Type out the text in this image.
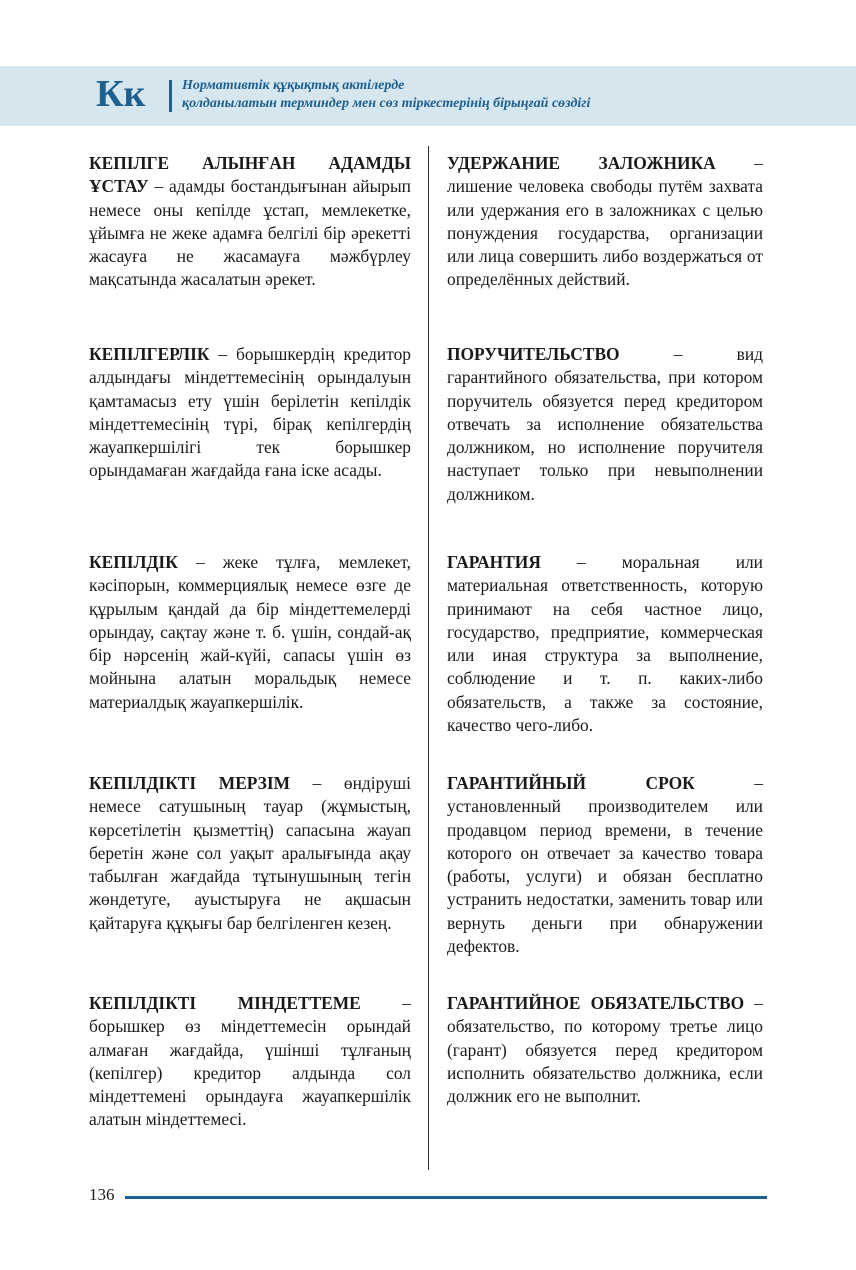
Кк	Нормативтік құқықтық актілерде
қолданылатын терминдер мен сөз тіркестерінің бірыңғай сөздігі

КЕПІЛГЕ АЛЫНҒАН АДАМДЫ ҰСТАУ – адамды бостандығынан айырып немесе оны кепілде ұстап, мемлекетке, ұйымға не жеке адамға белгілі бір әрекетті жасауға не жасамауға мәжбүрлеу мақсатында жасалатын әрекет.

КЕПІЛГЕРЛІК – борышкердің кредитор алдындағы міндеттемесінің орындалуын қамтамасыз ету үшін берілетін кепілдік міндеттемесінің түрі, бірақ кепілгердің жауапкершілігі тек борышкер орындамаған жағдайда ғана іске асады.

КЕПІЛДІК – жеке тұлға, мемлекет, кәсіпорын, коммерциялық немесе өзге де құрылым қандай да бір міндеттемелерді орындау, сақтау және т. б. үшін, сондай-ақ бір нәрсенің жай-күйі, сапасы үшін өз мойнына алатын моральдық немесе материалдық жауапкершілік.

КЕПІЛДІКТІ МЕРЗІМ – өндіруші немесе сатушының тауар (жұмыстың, көрсетілетін қызметтің) сапасына жауап беретін және сол уақыт аралығында ақау табылған жағдайда тұтынушының тегін жөндетуге, ауыстыруға не ақшасын қайтаруға құқығы бар белгіленген кезең.

КЕПІЛДІКТІ МІНДЕТТЕМЕ – борышкер өз міндеттемесін орындай алмаған жағдайда, үшінші тұлғаның (кепілгер) кредитор алдында сол міндеттемені орындауға жауапкершілік алатын міндеттемесі.

УДЕРЖАНИЕ ЗАЛОЖНИКА – лишение человека свободы путём захвата или удержания его в заложниках с целью понуждения государства, организации или лица совершить либо воздержаться от определённых действий.

ПОРУЧИТЕЛЬСТВО – вид гарантийного обязательства, при котором поручитель обязуется перед кредитором отвечать за исполнение обязательства должником, но исполнение поручителя наступает только при невыполнении должником.

ГАРАНТИЯ – моральная или материальная ответственность, которую принимают на себя частное лицо, государство, предприятие, коммерческая или иная структура за выполнение, соблюдение и т. п. каких-либо обязательств, а также за состояние, качество чего-либо.

ГАРАНТИЙНЫЙ СРОК – установленный производителем или продавцом период времени, в течение которого он отвечает за качество товара (работы, услуги) и обязан бесплатно устранить недостатки, заменить товар или вернуть деньги при обнаружении дефектов.

ГАРАНТИЙНОЕ ОБЯЗАТЕЛЬСТВО – обязательство, по которому третье лицо (гарант) обязуется перед кредитором исполнить обязательство должника, если должник его не выполнит.

136
